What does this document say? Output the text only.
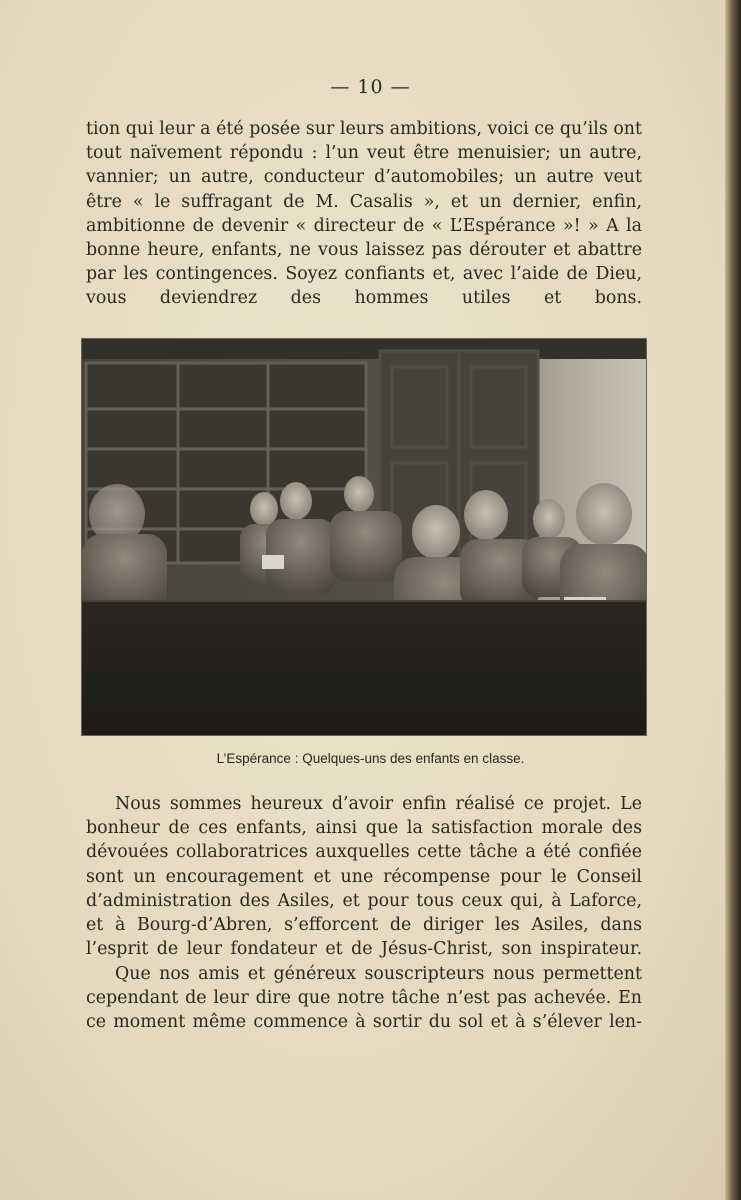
— 10 —

tion qui leur a été posée sur leurs ambitions, voici ce qu’ils ont tout naïvement répondu : l’un veut être menuisier; un autre, vannier; un autre, conducteur d’automobiles; un autre veut être « le suffragant de M. Casalis », et un dernier, enfin, ambitionne de devenir « directeur de « L’Espérance »! » A la bonne heure, enfants, ne vous laissez pas dérouter et abattre par les contingences. Soyez confiants et, avec l’aide de Dieu, vous deviendrez des hommes utiles et bons.

L’Espérance : Quelques-uns des enfants en classe.

Nous sommes heureux d’avoir enfin réalisé ce projet. Le bonheur de ces enfants, ainsi que la satisfaction morale des dévouées collaboratrices auxquelles cette tâche a été confiée sont un encouragement et une récompense pour le Conseil d’administration des Asiles, et pour tous ceux qui, à Laforce, et à Bourg-d’Abren, s’efforcent de diriger les Asiles, dans l’esprit de leur fondateur et de Jésus-Christ, son inspirateur.

Que nos amis et généreux souscripteurs nous permettent cependant de leur dire que notre tâche n’est pas achevée. En ce moment même commence à sortir du sol et à s’élever len-
